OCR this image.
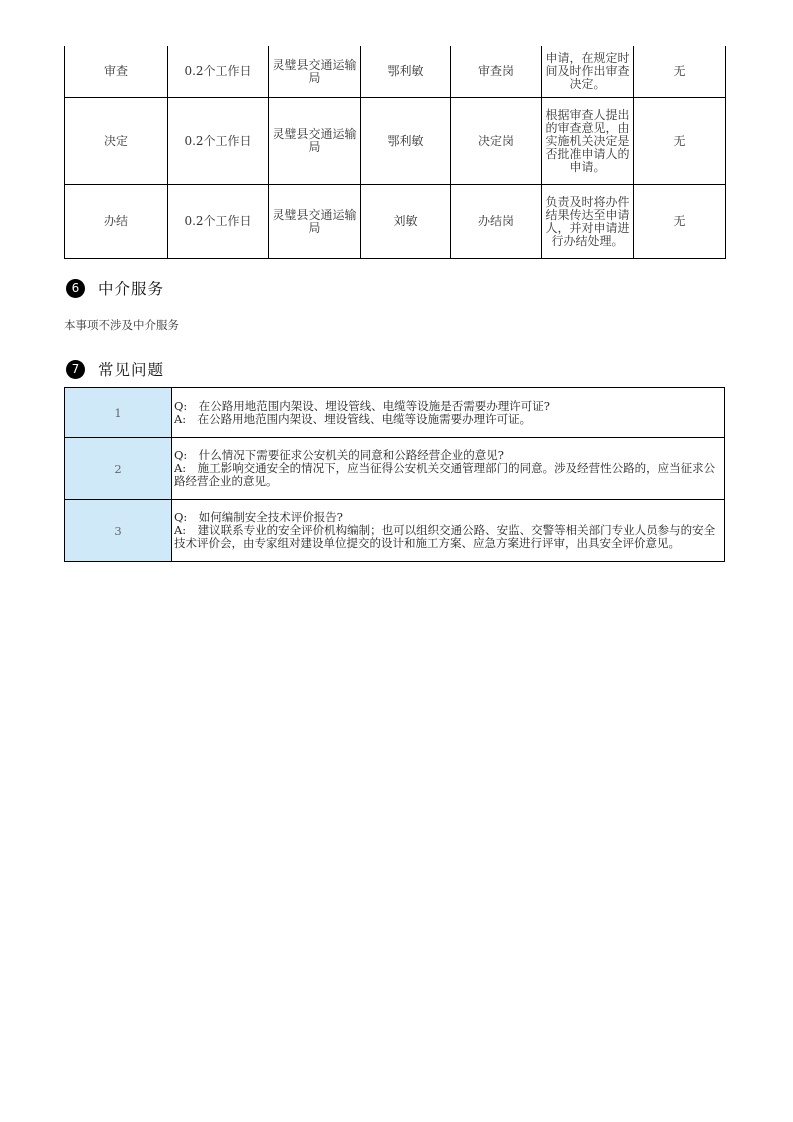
审查	0.2个工作日	灵璧县交通运输局	鄂利敏	审查岗	申请，在规定时间及时作出审查决定。	无
决定	0.2个工作日	灵璧县交通运输局	鄂利敏	决定岗	根据审查人提出的审查意见，由实施机关决定是否批准申请人的申请。	无
办结	0.2个工作日	灵璧县交通运输局	刘敏	办结岗	负责及时将办件结果传达至申请人，并对申请进行办结处理。	无
6	中介服务
本事项不涉及中介服务
7	常见问题
1	Q:　在公路用地范围内架设、埋设管线、电缆等设施是否需要办理许可证?
A:　在公路用地范围内架设、埋设管线、电缆等设施需要办理许可证。

2	Q:　什么情况下需要征求公安机关的同意和公路经营企业的意见?
A:　施工影响交通安全的情况下，应当征得公安机关交通管理部门的同意。涉及经营性公路的，应当征求公路经营企业的意见。

3	Q:　如何编制安全技术评价报告?
A:　建议联系专业的安全评价机构编制；也可以组织交通公路、安监、交警等相关部门专业人员参与的安全技术评价会，由专家组对建设单位提交的设计和施工方案、应急方案进行评审，出具安全评价意见。
